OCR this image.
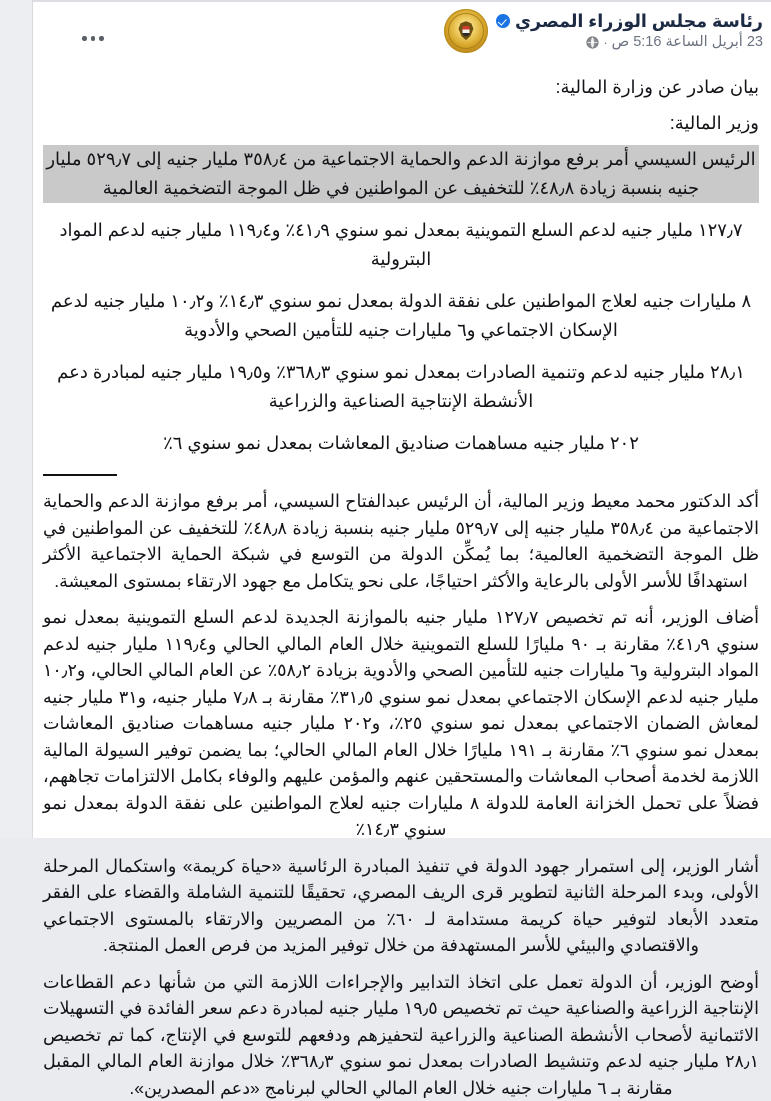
رئاسة مجلس الوزراء المصري
23 أبريل الساعة 5:16 ص
·

بيان صادر عن وزارة المالية:

وزير المالية:

الرئيس السيسي أمر برفع موازنة الدعم والحماية الاجتماعية من ٣٥٨٫٤ مليار جنيه إلى ٥٢٩٫٧ مليار جنيه بنسبة زيادة ٤٨٫٨٪ للتخفيف عن المواطنين في ظل الموجة التضخمية العالمية

١٢٧٫٧ مليار جنيه لدعم السلع التموينية بمعدل نمو سنوي ٤١٫٩٪ و١١٩٫٤ مليار جنيه لدعم المواد البترولية

٨ مليارات جنيه لعلاج المواطنين على نفقة الدولة بمعدل نمو سنوي ١٤٫٣٪ و١٠٫٢ مليار جنيه لدعم الإسكان الاجتماعي و٦ مليارات جنيه للتأمين الصحي والأدوية

٢٨٫١ مليار جنيه لدعم وتنمية الصادرات بمعدل نمو سنوي ٣٦٨٫٣٪ و١٩٫٥ مليار جنيه لمبادرة دعم الأنشطة الإنتاجية الصناعية والزراعية

٢٠٢ مليار جنيه مساهمات صناديق المعاشات بمعدل نمو سنوي ٦٪

أكد الدكتور محمد معيط وزير المالية، أن الرئيس عبدالفتاح السيسي، أمر برفع موازنة الدعم والحماية الاجتماعية من ٣٥٨٫٤ مليار جنيه إلى ٥٢٩٫٧ مليار جنيه بنسبة زيادة ٤٨٫٨٪ للتخفيف عن المواطنين في ظل الموجة التضخمية العالمية؛ بما يُمكِّن الدولة من التوسع في شبكة الحماية الاجتماعية الأكثر استهدافًا للأسر الأولى بالرعاية والأكثر احتياجًا، على نحو يتكامل مع جهود الارتقاء بمستوى المعيشة.

أضاف الوزير، أنه تم تخصيص ١٢٧٫٧ مليار جنيه بالموازنة الجديدة لدعم السلع التموينية بمعدل نمو سنوي ٤١٫٩٪ مقارنة بـ ٩٠ مليارًا للسلع التموينية خلال العام المالي الحالي و١١٩٫٤ مليار جنيه لدعم المواد البترولية و٦ مليارات جنيه للتأمين الصحي والأدوية بزيادة ٥٨٫٢٪ عن العام المالي الحالي، و١٠٫٢ مليار جنيه لدعم الإسكان الاجتماعي بمعدل نمو سنوي ٣١٫٥٪ مقارنة بـ ٧٫٨ مليار جنيه، و٣١ مليار جنيه لمعاش الضمان الاجتماعي بمعدل نمو سنوي ٢٥٪، و٢٠٢ مليار جنيه مساهمات صناديق المعاشات بمعدل نمو سنوي ٦٪ مقارنة بـ ١٩١ مليارًا خلال العام المالي الحالي؛ بما يضمن توفير السيولة المالية اللازمة لخدمة أصحاب المعاشات والمستحقين عنهم والمؤمن عليهم والوفاء بكامل الالتزامات تجاههم، فضلاً على تحمل الخزانة العامة للدولة ٨ مليارات جنيه لعلاج المواطنين على نفقة الدولة بمعدل نمو سنوي ١٤٫٣٪

أشار الوزير، إلى استمرار جهود الدولة في تنفيذ المبادرة الرئاسية «حياة كريمة» واستكمال المرحلة الأولى، وبدء المرحلة الثانية لتطوير قرى الريف المصري، تحقيقًا للتنمية الشاملة والقضاء على الفقر متعدد الأبعاد لتوفير حياة كريمة مستدامة لـ ٦٠٪ من المصريين والارتقاء بالمستوى الاجتماعي والاقتصادي والبيئي للأسر المستهدفة من خلال توفير المزيد من فرص العمل المنتجة.

أوضح الوزير، أن الدولة تعمل على اتخاذ التدابير والإجراءات اللازمة التي من شأنها دعم القطاعات الإنتاجية الزراعية والصناعية حيث تم تخصيص ١٩٫٥ مليار جنيه لمبادرة دعم سعر الفائدة في التسهيلات الائتمانية لأصحاب الأنشطة الصناعية والزراعية لتحفيزهم ودفعهم للتوسع في الإنتاج، كما تم تخصيص ٢٨٫١ مليار جنيه لدعم وتنشيط الصادرات بمعدل نمو سنوي ٣٦٨٫٣٪ خلال موازنة العام المالي المقبل مقارنة بـ ٦ مليارات جنيه خلال العام المالي الحالي لبرنامج «دعم المصدرين».
